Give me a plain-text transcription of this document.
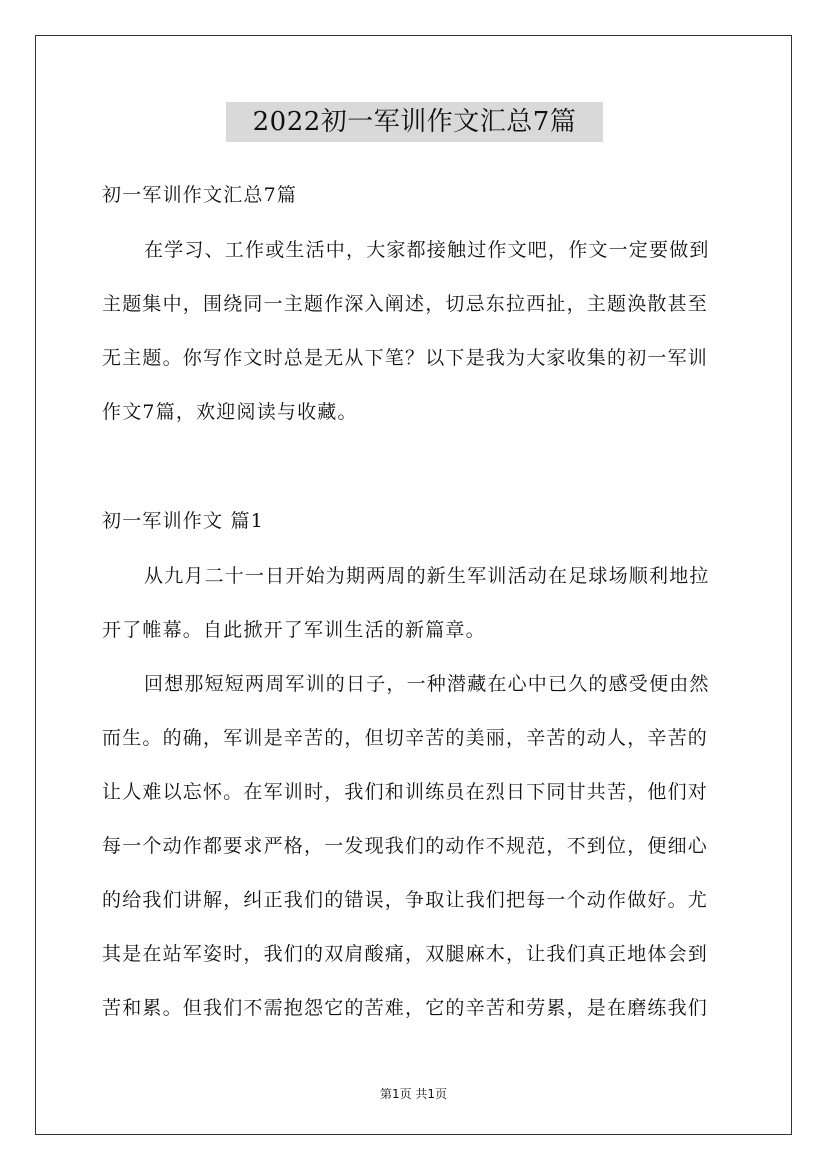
2022初一军训作文汇总7篇
初一军训作文汇总7篇
在学习、工作或生活中，大家都接触过作文吧，作文一定要做到
主题集中，围绕同一主题作深入阐述，切忌东拉西扯，主题涣散甚至
无主题。你写作文时总是无从下笔？以下是我为大家收集的初一军训
作文7篇，欢迎阅读与收藏。
初一军训作文 篇1
从九月二十一日开始为期两周的新生军训活动在足球场顺利地拉
开了帷幕。自此掀开了军训生活的新篇章。
回想那短短两周军训的日子，一种潜藏在心中已久的感受便由然
而生。的确，军训是辛苦的，但切辛苦的美丽，辛苦的动人，辛苦的
让人难以忘怀。在军训时，我们和训练员在烈日下同甘共苦，他们对
每一个动作都要求严格，一发现我们的动作不规范，不到位，便细心
的给我们讲解，纠正我们的错误，争取让我们把每一个动作做好。尤
其是在站军姿时，我们的双肩酸痛，双腿麻木，让我们真正地体会到
苦和累。但我们不需抱怨它的苦难，它的辛苦和劳累，是在磨练我们
第1页 共1页
